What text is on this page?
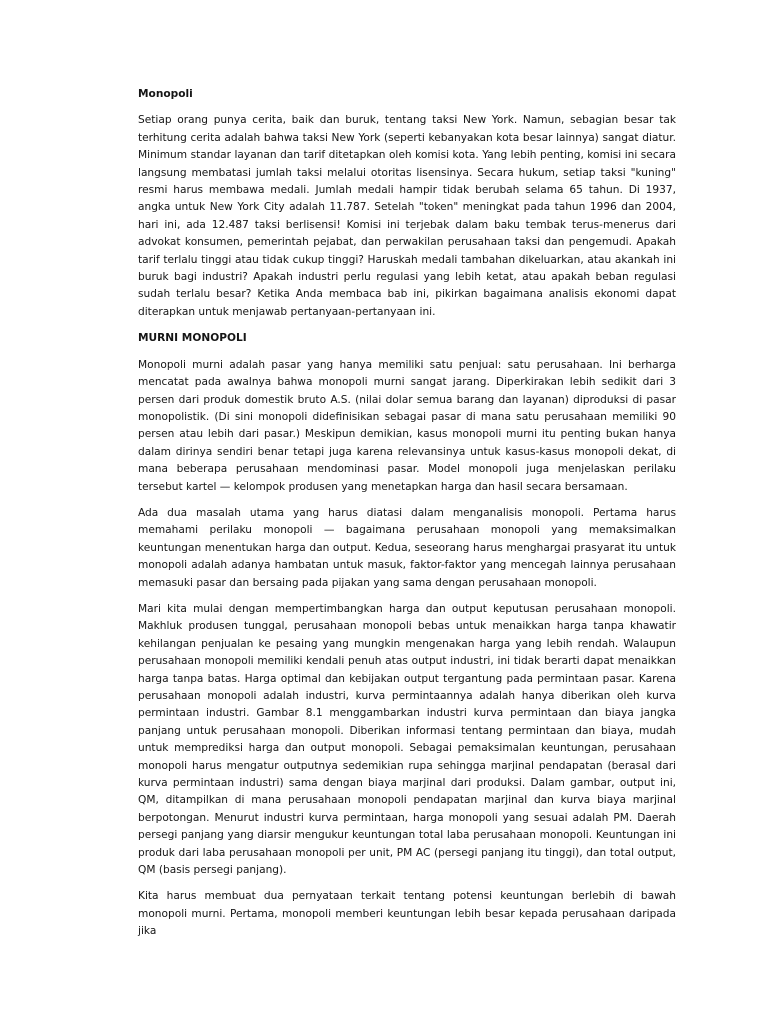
Monopoli

Setiap orang punya cerita, baik dan buruk, tentang taksi New York. Namun, sebagian besar tak terhitung cerita adalah bahwa taksi New York (seperti kebanyakan kota besar lainnya) sangat diatur. Minimum standar layanan dan tarif ditetapkan oleh komisi kota. Yang lebih penting, komisi ini secara langsung membatasi jumlah taksi melalui otoritas lisensinya. Secara hukum, setiap taksi "kuning" resmi harus membawa medali. Jumlah medali hampir tidak berubah selama 65 tahun. Di 1937, angka untuk New York City adalah 11.787. Setelah "token" meningkat pada tahun 1996 dan 2004, hari ini, ada 12.487 taksi berlisensi! Komisi ini terjebak dalam baku tembak terus-menerus dari advokat konsumen, pemerintah pejabat, dan perwakilan perusahaan taksi dan pengemudi. Apakah tarif terlalu tinggi atau tidak cukup tinggi? Haruskah medali tambahan dikeluarkan, atau akankah ini buruk bagi industri? Apakah industri perlu regulasi yang lebih ketat, atau apakah beban regulasi sudah terlalu besar? Ketika Anda membaca bab ini, pikirkan bagaimana analisis ekonomi dapat diterapkan untuk menjawab pertanyaan-pertanyaan ini.

MURNI MONOPOLI

Monopoli murni adalah pasar yang hanya memiliki satu penjual: satu perusahaan. Ini berharga mencatat pada awalnya bahwa monopoli murni sangat jarang. Diperkirakan lebih sedikit dari 3 persen dari produk domestik bruto A.S. (nilai dolar semua barang dan layanan) diproduksi di pasar monopolistik. (Di sini monopoli didefinisikan sebagai pasar di mana satu perusahaan memiliki 90 persen atau lebih dari pasar.) Meskipun demikian, kasus monopoli murni itu penting bukan hanya dalam dirinya sendiri benar tetapi juga karena relevansinya untuk kasus-kasus monopoli dekat, di mana beberapa perusahaan mendominasi pasar. Model monopoli juga menjelaskan perilaku tersebut kartel — kelompok produsen yang menetapkan harga dan hasil secara bersamaan.

Ada dua masalah utama yang harus diatasi dalam menganalisis monopoli. Pertama harus memahami perilaku monopoli — bagaimana perusahaan monopoli yang memaksimalkan keuntungan menentukan harga dan output. Kedua, seseorang harus menghargai prasyarat itu untuk monopoli adalah adanya hambatan untuk masuk, faktor-faktor yang mencegah lainnya perusahaan memasuki pasar dan bersaing pada pijakan yang sama dengan perusahaan monopoli.

Mari kita mulai dengan mempertimbangkan harga dan output keputusan perusahaan monopoli. Makhluk produsen tunggal, perusahaan monopoli bebas untuk menaikkan harga tanpa khawatir kehilangan penjualan ke pesaing yang mungkin mengenakan harga yang lebih rendah. Walaupun perusahaan monopoli memiliki kendali penuh atas output industri, ini tidak berarti dapat menaikkan harga tanpa batas. Harga optimal dan kebijakan output tergantung pada permintaan pasar. Karena perusahaan monopoli adalah industri, kurva permintaannya adalah hanya diberikan oleh kurva permintaan industri. Gambar 8.1 menggambarkan industri kurva permintaan dan biaya jangka panjang untuk perusahaan monopoli. Diberikan informasi tentang permintaan dan biaya, mudah untuk memprediksi harga dan output monopoli. Sebagai pemaksimalan keuntungan, perusahaan monopoli harus mengatur outputnya sedemikian rupa sehingga marjinal pendapatan (berasal dari kurva permintaan industri) sama dengan biaya marjinal dari produksi. Dalam gambar, output ini, QM, ditampilkan di mana perusahaan monopoli pendapatan marjinal dan kurva biaya marjinal berpotongan. Menurut industri kurva permintaan, harga monopoli yang sesuai adalah PM. Daerah persegi panjang yang diarsir mengukur keuntungan total laba perusahaan monopoli. Keuntungan ini produk dari laba perusahaan monopoli per unit, PM AC (persegi panjang itu tinggi), dan total output, QM (basis persegi panjang).

Kita harus membuat dua pernyataan terkait tentang potensi keuntungan berlebih di bawah monopoli murni. Pertama, monopoli memberi keuntungan lebih besar kepada perusahaan daripada jika
